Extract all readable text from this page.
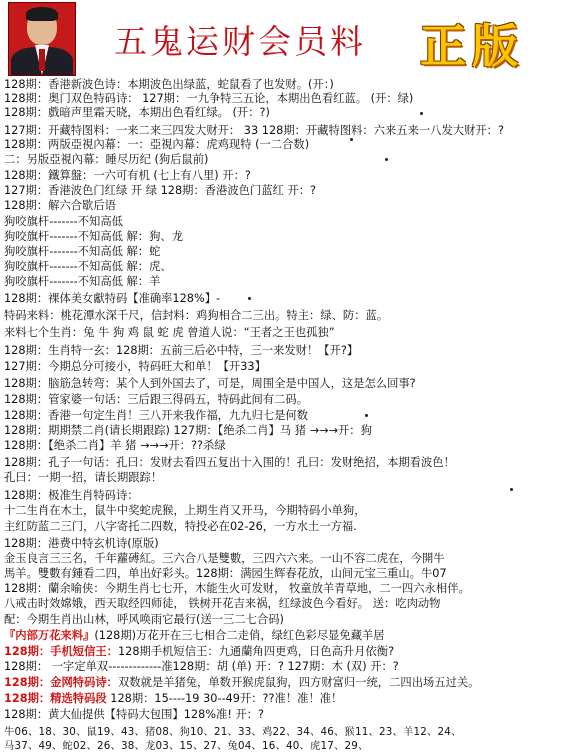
五鬼运财会员料 正版
128期：香港新波色诗：本期波色出绿蓝，蛇鼠看了也发财。(开：)
128期：奥门双色特码诗： 127期：一九争特三五论，本期出色看红蓝。 (开：绿)
128期：戲暗声里霜天晓，本期出色看红绿。 (开：?)
127期：开藏特图料：一来二来三四发大财开： 33 128期：开藏特图料：六来五来一八发大财开：?
128期：两版亞視內幕：一：亞視內幕：虎鸡现特 (一二合数)
二：另版亞視內幕：睡尽历纪 (狗后鼠前)
128期：鐵算盤：一六可有机 (七上有八里) 开：?
127期：香港波色门红绿 开 绿 128期：香港波色门蓝红 开：?
128期：解六合歇后语
狗咬旗杆-------不知高低
狗咬旗杆-------不知高低 解：狗、龙
狗咬旗杆-------不知高低 解：蛇
狗咬旗杆-------不知高低 解：虎、
狗咬旗杆-------不知高低 解：羊
128期：裸体美女獻特码【准确率128%】-
特码来料：桃花潭水深千尺，信封料：鸡狗相合二三出。特主：绿、防：蓝。
来料七个生肖：兔 牛 狗 鸡 鼠 蛇 虎 曾道人说：“王者之王也孤独”
128期：生肖特一玄：128期：五前三后必中特，三一来发财！【开?】
127期：今期总分可接小，特码旺大和单！【开33】
128期：脑筋急转弯：某个人到外国去了，可是，周围全是中国人，这是怎么回事?
128期：管家婆一句话：三后跟三得码五，特码此间有二码。
128期：香港一句定生肖！三八开来我作福，九九归七是何数
128期：期期禁二肖(请长期跟踪) 127期：【绝杀二肖】马 猪 →→→开：狗
128期：【绝杀二肖】羊 猪 →→→开：??杀绿
128期：孔子一句话：孔曰：发财去看四五复出十入围的！孔曰：发财绝招，本期看波色！
孔曰：一期一招，请长期跟踪！
128期：极准生肖特码诗：
十二生肖在木土，鼠牛中奖蛇虎猴，上期生肖又开马，今期特码小单狗，
主红防蓝二三门，八字寄托二四数，特投必在02-26，一方水土一方福.
128期：港费中特玄机诗(原版)
金玉良言三三名，千年蘿磗紅。三六合八是雙數，三四六六来。一山不容二虎在，今開牛
馬羊。雙數有鍾看二四，单出好彩头。128期：满园生辉春花放，山间元宝三重山。牛07
128期：蘭余喻侠：今期生肖七七开，木能生火可发财， 牧童放羊青草地，二一四六永相伴。
八戒击时效嫦娥，西天取经四师徒， 铁树开花吉来祸，红绿波色今看好。 送：吃肉动物
配：今期生肖出山林，呼风唤雨它最行(送一三二七合码)
『内部万花来料』(128期)万花开在三七相合二走俏，绿红色彩尽显免藏羊居
128期：手机短信王：128期手机短信王：九通蘭角四更鸡，日色高升月依衡?
128期： 一字定单双-------------准128期：胡 (单) 开：? 127期：木 (双) 开：?
128期：金网特码诗：双数就是羊猪兔，单数开猴虎鼠狗，四方财富归一统，二四出场五过关。
128期：精选特码段 128期：15----19 30--49开：??准！准！准！
128期：黄大仙提供【特码大包围】128%准! 开：?
牛06、18、30、鼠19、43、猪08、狗10、21、33、鸡22、34、46、猴11、23、羊12、24、
马37、49、蛇02、26、38、龙03、15、27、兔04、16、40、虎17、29、
